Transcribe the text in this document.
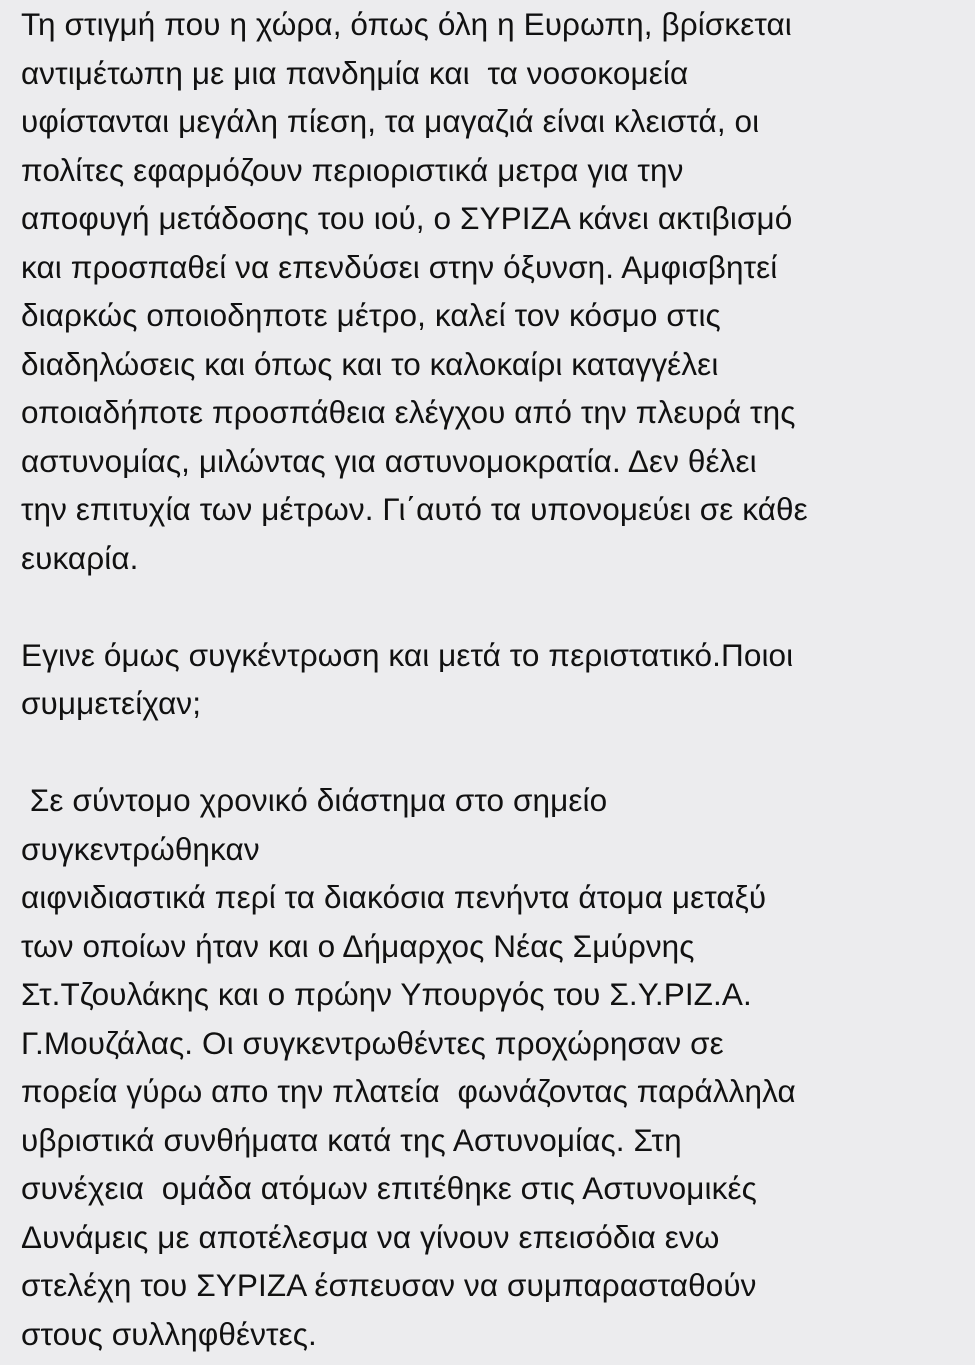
Τη στιγμή που η χώρα, όπως όλη η Ευρωπη, βρίσκεται
αντιμέτωπη με μια πανδημία και  τα νοσοκομεία
υφίστανται μεγάλη πίεση, τα μαγαζιά είναι κλειστά, οι
πολίτες εφαρμόζουν περιοριστικά μετρα για την
αποφυγή μετάδοσης του ιού, ο ΣΥΡΙΖΑ κάνει ακτιβισμό
και προσπαθεί να επενδύσει στην όξυνση. Αμφισβητεί
διαρκώς οποιοδηποτε μέτρο, καλεί τον κόσμο στις
διαδηλώσεις και όπως και το καλοκαίρι καταγγέλει
οποιαδήποτε προσπάθεια ελέγχου από την πλευρά της
αστυνομίας, μιλώντας για αστυνομοκρατία. Δεν θέλει
την επιτυχία των μέτρων. Γι΄αυτό τα υπονομεύει σε κάθε
ευκαρία.
Εγινε όμως συγκέντρωση και μετά το περιστατικό.Ποιοι
συμμετείχαν;
Σε σύντομο χρονικό διάστημα στο σημείο
συγκεντρώθηκαν
αιφνιδιαστικά περί τα διακόσια πενήντα άτομα μεταξύ
των οποίων ήταν και ο Δήμαρχος Νέας Σμύρνης
Στ.Τζουλάκης και ο πρώην Υπουργός του Σ.Υ.ΡΙΖ.Α.
Γ.Μουζάλας. Οι συγκεντρωθέντες προχώρησαν σε
πορεία γύρω απο την πλατεία  φωνάζοντας παράλληλα
υβριστικά συνθήματα κατά της Αστυνομίας. Στη
συνέχεια  ομάδα ατόμων επιτέθηκε στις Αστυνομικές
Δυνάμεις με αποτέλεσμα να γίνουν επεισόδια ενω
στελέχη του ΣΥΡΙΖΑ έσπευσαν να συμπαρασταθούν
στους συλληφθέντες.
